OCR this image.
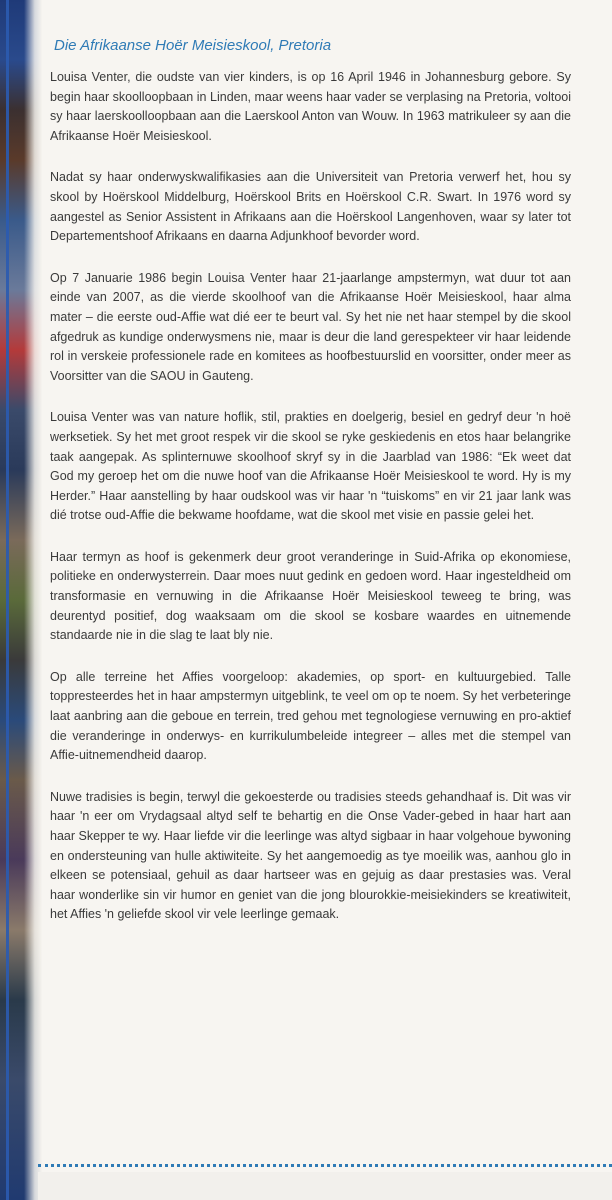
Die Afrikaanse Hoër Meisieskool, Pretoria

Louisa Venter, die oudste van vier kinders, is op 16 April 1946 in Johannesburg gebore. Sy begin haar skoolloopbaan in Linden, maar weens haar vader se verplasing na Pretoria, voltooi sy haar laerskoolloopbaan aan die Laerskool Anton van Wouw. In 1963 matrikuleer sy aan die Afrikaanse Hoër Meisieskool.

Nadat sy haar onderwyskwalifikasies aan die Universiteit van Pretoria verwerf het, hou sy skool by Hoërskool Middelburg, Hoërskool Brits en Hoërskool C.R. Swart. In 1976 word sy aangestel as Senior Assistent in Afrikaans aan die Hoërskool Langenhoven, waar sy later tot Departementshoof Afrikaans en daarna Adjunkhoof bevorder word.

Op 7 Januarie 1986 begin Louisa Venter haar 21-jaarlange ampstermyn, wat duur tot aan einde van 2007, as die vierde skoolhoof van die Afrikaanse Hoër Meisieskool, haar alma mater – die eerste oud-Affie wat dié eer te beurt val. Sy het nie net haar stempel by die skool afgedruk as kundige onderwysmens nie, maar is deur die land gerespekteer vir haar leidende rol in verskeie professionele rade en komitees as hoofbestuurslid en voorsitter, onder meer as Voorsitter van die SAOU in Gauteng.

Louisa Venter was van nature hoflik, stil, prakties en doelgerig, besiel en gedryf deur 'n hoë werksetiek. Sy het met groot respek vir die skool se ryke geskiedenis en etos haar belangrike taak aangepak. As splinternuwe skoolhoof skryf sy in die Jaarblad van 1986: “Ek weet dat God my geroep het om die nuwe hoof van die Afrikaanse Hoër Meisieskool te word. Hy is my Herder.” Haar aanstelling by haar oudskool was vir haar 'n “tuiskoms” en vir 21 jaar lank was dié trotse oud-Affie die bekwame hoofdame, wat die skool met visie en passie gelei het.

Haar termyn as hoof is gekenmerk deur groot veranderinge in Suid-Afrika op ekonomiese, politieke en onderwysterrein. Daar moes nuut gedink en gedoen word. Haar ingesteldheid om transformasie en vernuwing in die Afrikaanse Hoër Meisieskool teweeg te bring, was deurentyd positief, dog waaksaam om die skool se kosbare waardes en uitnemende standaarde nie in die slag te laat bly nie.

Op alle terreine het Affies voorgeloop: akademies, op sport- en kultuurgebied. Talle toppresteerdes het in haar ampstermyn uitgeblink, te veel om op te noem. Sy het verbeteringe laat aanbring aan die geboue en terrein, tred gehou met tegnologiese vernuwing en pro-aktief die veranderinge in onderwys- en kurrikulumbeleide integreer – alles met die stempel van Affie-uitnemendheid daarop.

Nuwe tradisies is begin, terwyl die gekoesterde ou tradisies steeds gehandhaaf is. Dit was vir haar 'n eer om Vrydagsaal altyd self te behartig en die Onse Vader-gebed in haar hart aan haar Skepper te wy. Haar liefde vir die leerlinge was altyd sigbaar in haar volgehoue bywoning en ondersteuning van hulle aktiwiteite. Sy het aangemoedig as tye moeilik was, aanhou glo in elkeen se potensiaal, gehuil as daar hartseer was en gejuig as daar prestasies was. Veral haar wonderlike sin vir humor en geniet van die jong blourokkie-meisiekinders se kreatiwiteit, het Affies 'n geliefde skool vir vele leerlinge gemaak.
